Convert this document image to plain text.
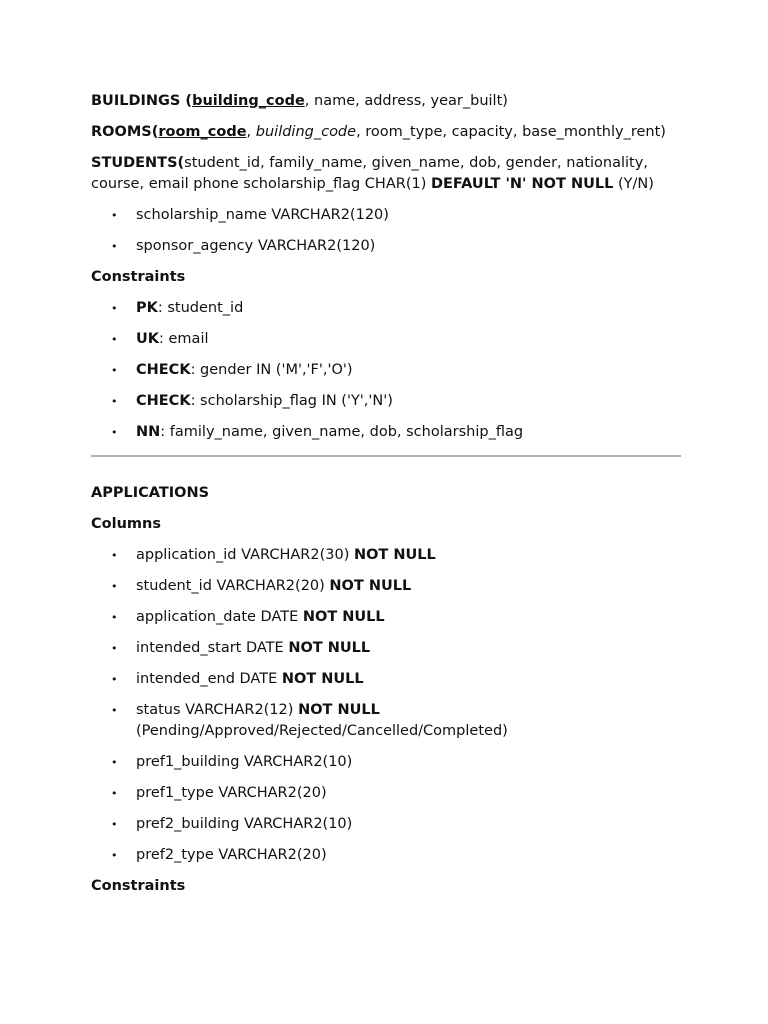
BUILDINGS (building_code, name, address, year_built)

ROOMS(room_code, building_code, room_type, capacity, base_monthly_rent)

STUDENTS(student_id, family_name, given_name, dob, gender, nationality, course, email phone scholarship_flag CHAR(1) DEFAULT 'N' NOT NULL (Y/N)

• scholarship_name VARCHAR2(120)
• sponsor_agency VARCHAR2(120)

Constraints

• PK: student_id
• UK: email
• CHECK: gender IN ('M','F','O')
• CHECK: scholarship_flag IN ('Y','N')
• NN: family_name, given_name, dob, scholarship_flag

APPLICATIONS

Columns

• application_id VARCHAR2(30) NOT NULL
• student_id VARCHAR2(20) NOT NULL
• application_date DATE NOT NULL
• intended_start DATE NOT NULL
• intended_end DATE NOT NULL
• status VARCHAR2(12) NOT NULL (Pending/Approved/Rejected/Cancelled/Completed)
• pref1_building VARCHAR2(10)
• pref1_type VARCHAR2(20)
• pref2_building VARCHAR2(10)
• pref2_type VARCHAR2(20)

Constraints
